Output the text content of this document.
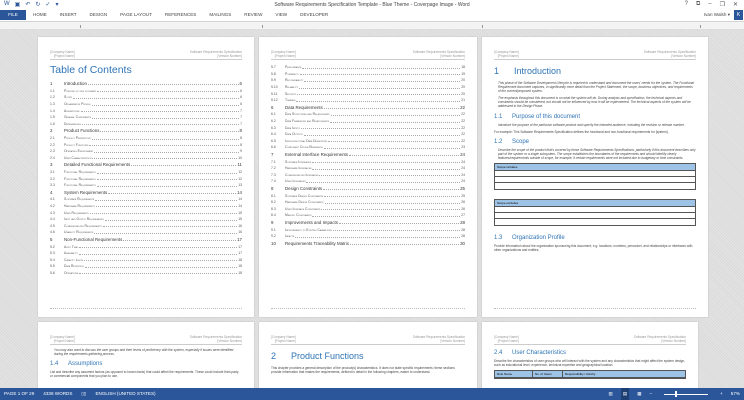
W ▣ ↶ ↻ ✓ ▾	Software Requirements Specification Template - Blue Theme - Coverpage Image - Word	? ⧉ – ❐ ✕
FILE	HOME	INSERT	DESIGN	PAGE LAYOUT	REFERENCES	MAILINGS	REVIEW	VIEW	DEVELOPER	Ivan Walsh ▾	K
[Company Name]
[Project Name]
Software Requirements Specification
[Version Number]
Table of Contents
1	Introduction	6
1.1	Purpose of this document	6
1.2	Scope	6
1.3	Organization Profile	6
1.4	Assumptions	7
1.5	General Constraints	7
1.6	Dependencies	7
2	Product Functions	8
2.1	Product Perspective	8
2.2	Product Functions	8
2.3	Operating Environment	9
2.4	User Characteristics	10
3	Detailed Functional Requirements	11
3.1	Functional Requirements	12
3.2	Functional Requirements	12
3.3	Functional Requirements	13
4	System Requirements	14
4.1	Software Requirements	14
4.2	Hardware Requirements	14
4.3	User Requirements	15
4.4	Input and Output Requirements	15
4.5	Communications Requirements	16
4.6	Usability Requirements	16
5	Non-Functional Requirements	17
5.2	Audit Trail	17
5.3	Availability	17
5.4	Capacity Limits	18
5.5	Data Retention	18
5.6	Operations	18
[Company Name]
[Project Name]
Software Requirements Specification
[Version Number]
5.7	Performance	18
5.8	Portability	19
5.9	Recoverability	20
5.10	Reliability	20
5.11	Security	20
5.12	Training	21
6	Data Requirements	22
6.1	Data Structures and Relationships	22
6.2	Data Framework and Relationships	22
6.3	Data Inputs	22
6.4	Data Outputs	22
6.5	Inter-functional Data Definitions	22
6.6	Component Cross-Reference	23
7	External Interface Requirements	24
7.1	Software Interfaces	24
7.2	Hardware Interfaces	24
7.3	Communications Interfaces	24
7.4	User Interfaces	24
8	Design Constraints	25
8.1	Software Design Constraints	25
8.2	Hardware Design Constraints	26
8.3	User Interface Constraints	26
8.4	Memory Constraints	27
9	Improvements and Impacts	28
9.1	Improvements to Existing Capabilities	28
9.2	Impacts	28
10	Requirements Traceability Matrix	30
[Company Name]
[Project Name]
Software Requirements Specification
[Version Number]
1	Introduction
This phase of the Software Development Lifecycle is required to understand and document the users' needs for the system. The Functional Requirement document captures, in significantly more detail than the Project Statement, the scope, business objectives, and requirements of the current/proposed system.
The emphasis throughout this document is on what the system will do. During analysis and specification, the technical aspects and constraints should be considered, but should not be influenced by how it will be implemented. The technical aspects of the system will be addressed in the Design Phase.
1.1	Purpose of this document
Introduce the purpose of the particular software product and specify the intended audience, including the revision or release number.
For example: This Software Requirements Specification defines the functional and non-functional requirements for [system].
1.2	Scope
Describe the scope of the product that's covered by these Software Requirements Specifications, particularly if this document describes only part of the system or a single subsystem. The scope establishes the boundaries of the requirements and should identify clearly features/requirements outside of scope, for example, if certain requirements were not included due to budgetary or time constraints.
Scope includes
Scope excludes
1.3	Organization Profile
Provide information about the organization sponsoring this document, e.g. locations, numbers, personnel, and relationships or interfaces with other organizations and entities.
[Company Name]
[Project Name]
Software Requirements Specification
[Version Number]
You may also want to discuss the user groups and their levels of proficiency with the system, especially if issues were identified during the requirements gathering process.
1.4	Assumptions
List and describe any assumed factors (as opposed to known facts) that could affect the requirements. These could include third-party or commercial components that you plan to use,
[Company Name]
[Project Name]
Software Requirements Specification
[Version Number]
2	Product Functions
This chapter provides a general description of the product(s) characteristics. It does not state specific requirements; these sections provide information that makes the requirements, defined in detail in the following chapters, easier to understand.
[Company Name]
[Project Name]
Software Requirements Specification
[Version Number]
2.4	User Characteristics
Describe the characteristics of user groups who will interact with the system and any characteristics that might affect the system design, such as educational level, experience, technical expertise and geographical location.
Role Name	No. of Users	Responsibility / Activity
PAGE 1 OF 29 4336 WORDS ▯▯ ENGLISH (UNITED STATES)	▥	▤	▦ –	+ 57%
